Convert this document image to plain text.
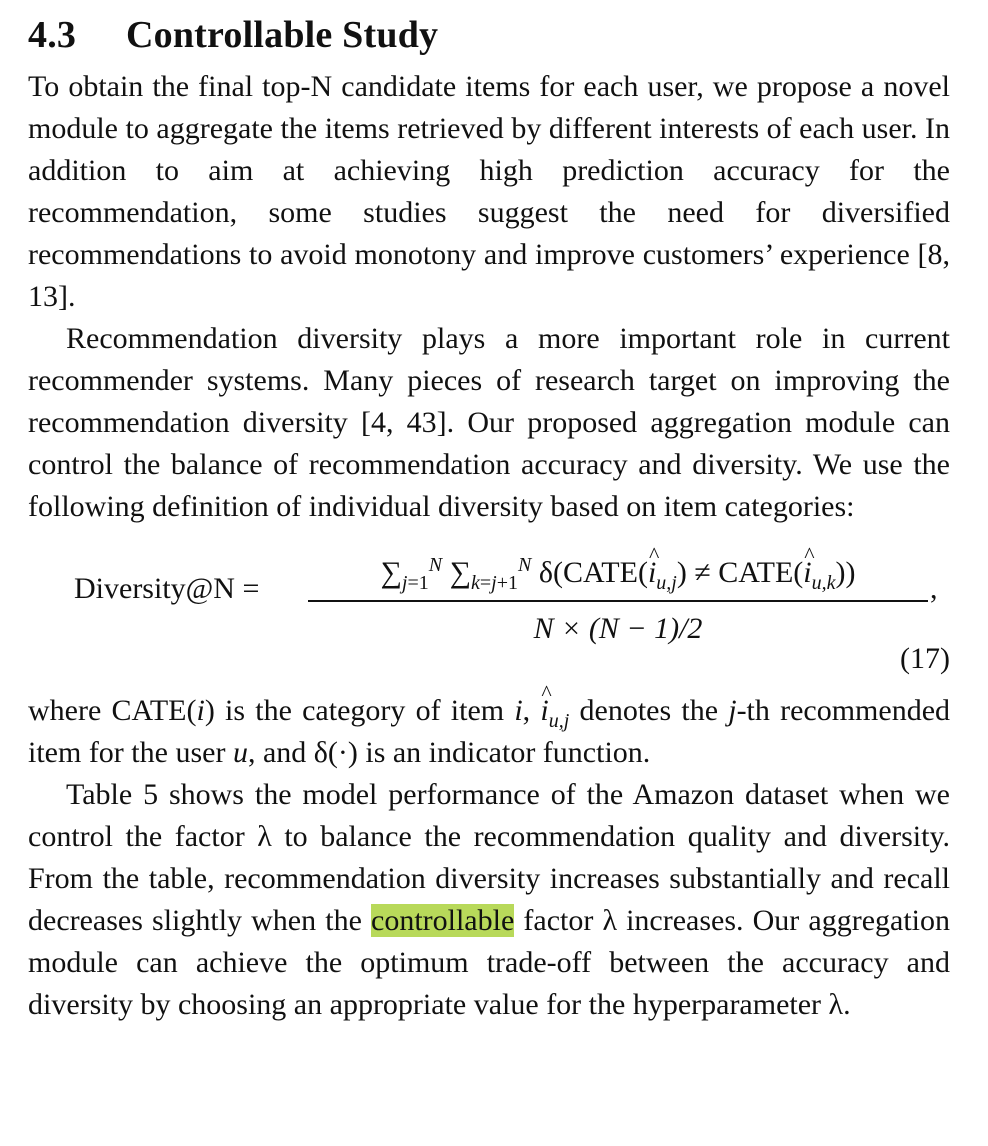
4.3 Controllable Study

To obtain the final top-N candidate items for each user, we propose a novel module to aggregate the items retrieved by different interests of each user. In addition to aim at achieving high prediction accuracy for the recommendation, some studies suggest the need for diversified recommendations to avoid monotony and improve customers’ experience [8, 13].

Recommendation diversity plays a more important role in current recommender systems. Many pieces of research target on improving the recommendation diversity [4, 43]. Our proposed aggregation module can control the balance of recommendation accuracy and diversity. We use the following definition of individual diversity based on item categories:

Diversity@N =	$\sum_{j=1}^N$ $\sum_{k=j+1}^N$ δ(CATE(^ $i_{u,j}$) ≠ CATE(^ $i_{u,k}$))
N × (N − 1)/2
,
(17)

where CATE(i) is the category of item i, ^ $i_{u,j}$ denotes the j-th recommended item for the user u, and δ(·) is an indicator function.

Table 5 shows the model performance of the Amazon dataset when we control the factor λ to balance the recommendation quality and diversity. From the table, recommendation diversity increases substantially and recall decreases slightly when the controllable factor λ increases. Our aggregation module can achieve the optimum trade-off between the accuracy and diversity by choosing an appropriate value for the hyperparameter λ.
